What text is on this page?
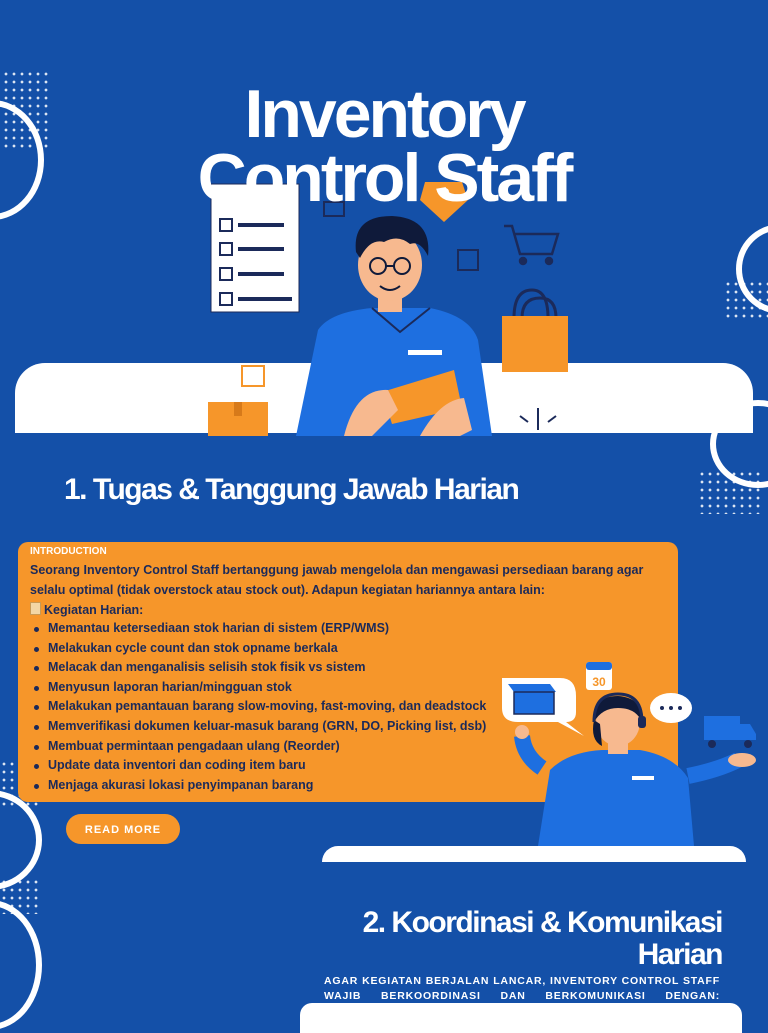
Inventory
Control Staff
1. Tugas & Tanggung Jawab Harian
INTRODUCTION
Seorang Inventory Control Staff bertanggung jawab mengelola dan mengawasi persediaan barang agar selalu optimal (tidak overstock atau stock out). Adapun kegiatan hariannya antara lain:
Kegiatan Harian:
Memantau ketersediaan stok harian di sistem (ERP/WMS)
Melakukan cycle count dan stok opname berkala
Melacak dan menganalisis selisih stok fisik vs sistem
Menyusun laporan harian/mingguan stok
Melakukan pemantauan barang slow-moving, fast-moving, dan deadstock
Memverifikasi dokumen keluar-masuk barang (GRN, DO, Picking list, dsb)
Membuat permintaan pengadaan ulang (Reorder)
Update data inventori dan coding item baru
Menjaga akurasi lokasi penyimpanan barang
30
READ MORE
2. Koordinasi & Komunikasi
Harian
AGAR KEGIATAN BERJALAN LANCAR, INVENTORY CONTROL STAFF WAJIB BERKOORDINASI DAN BERKOMUNIKASI DENGAN:
